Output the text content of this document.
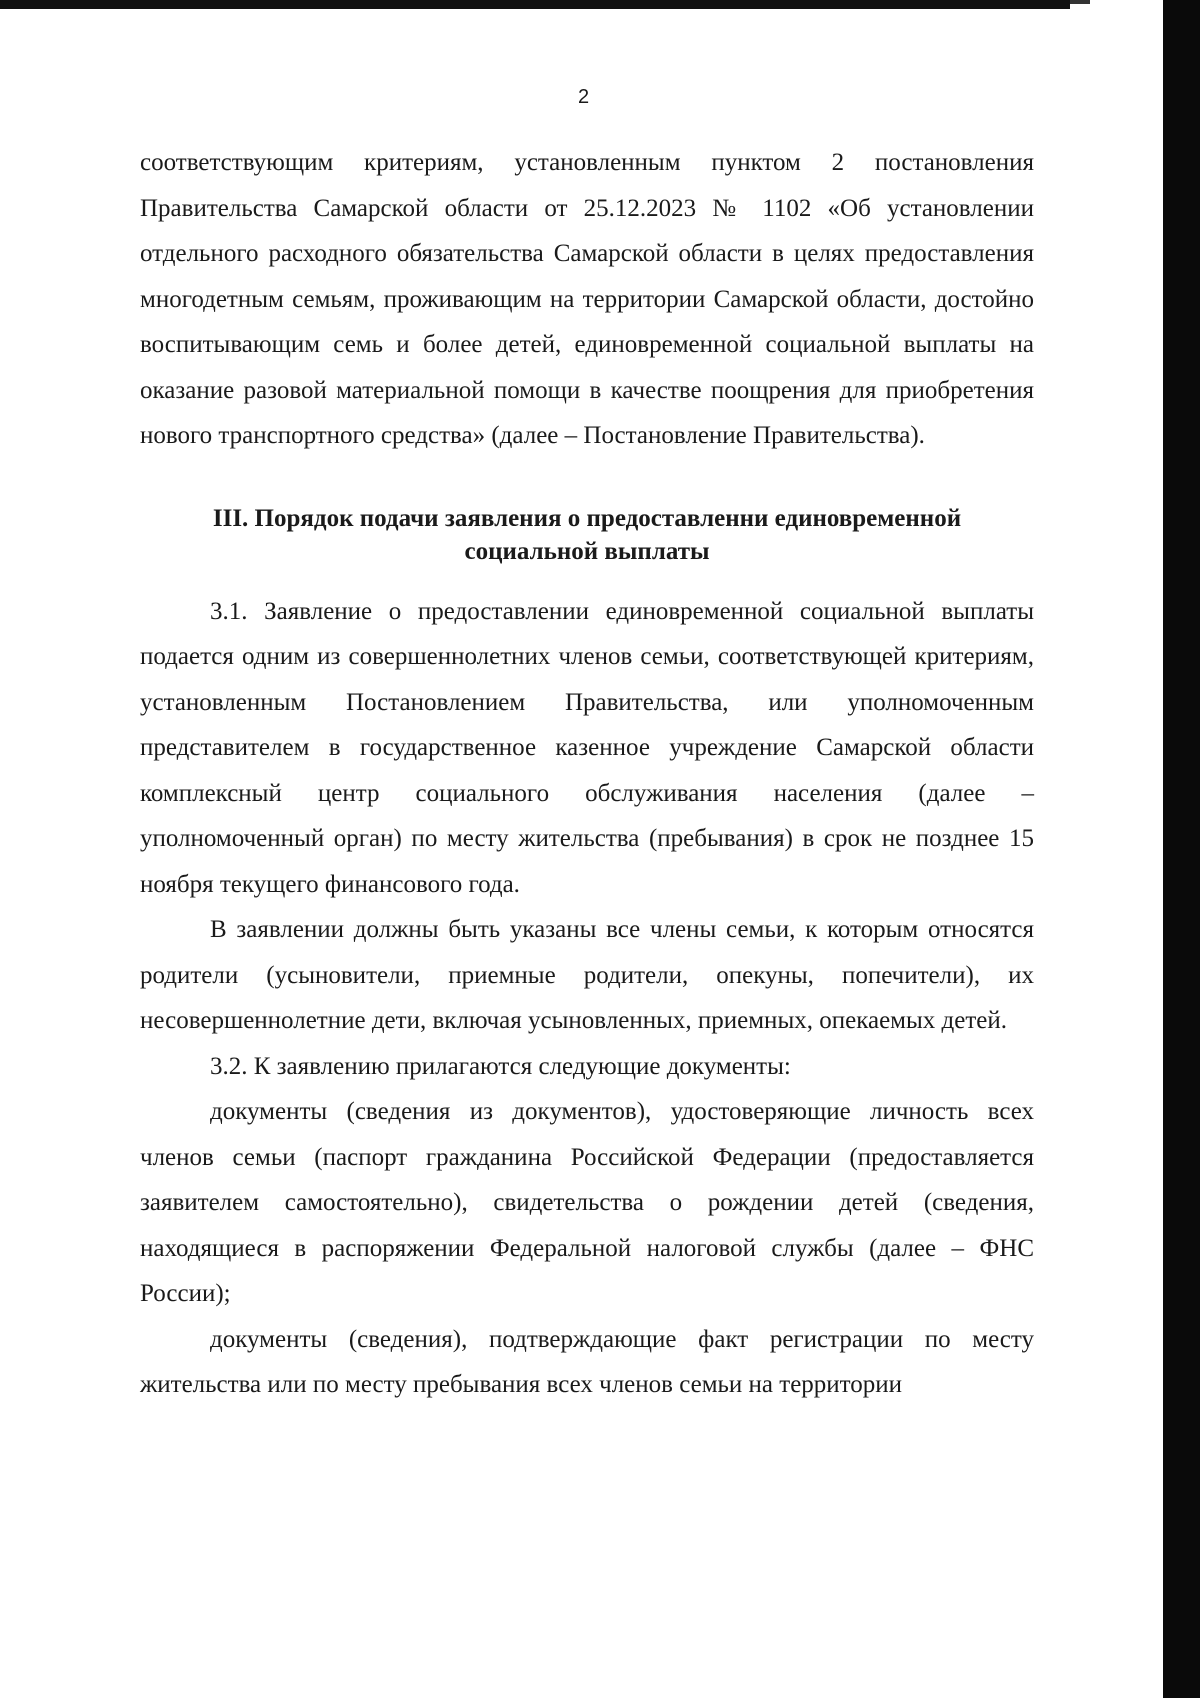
2

соответствующим критериям, установленным пунктом 2 постановления Правительства Самарской области от 25.12.2023 № 1102 «Об установлении отдельного расходного обязательства Самарской области в целях предоставления многодетным семьям, проживающим на территории Самарской области, достойно воспитывающим семь и более детей, единовременной социальной выплаты на оказание разовой материальной помощи в качестве поощрения для приобретения нового транспортного средства» (далее – Постановление Правительства).

III. Порядок подачи заявления о предоставленни единовременной
социальной выплаты

3.1. Заявление о предоставлении единовременной социальной выплаты подается одним из совершеннолетних членов семьи, соответствующей критериям, установленным Постановлением Правительства, или уполномоченным представителем в государственное казенное учреждение Самарской области комплексный центр социального обслуживания населения (далее – уполномоченный орган) по месту жительства (пребывания) в срок не позднее 15 ноября текущего финансового года.

В заявлении должны быть указаны все члены семьи, к которым относятся родители (усыновители, приемные родители, опекуны, попечители), их несовершеннолетние дети, включая усыновленных, приемных, опекаемых детей.

3.2. К заявлению прилагаются следующие документы:

документы (сведения из документов), удостоверяющие личность всех членов семьи (паспорт гражданина Российской Федерации (предоставляется заявителем самостоятельно), свидетельства о рождении детей (сведения, находящиеся в распоряжении Федеральной налоговой службы (далее – ФНС России);

документы (сведения), подтверждающие факт регистрации по месту жительства или по месту пребывания всех членов семьи на территории
